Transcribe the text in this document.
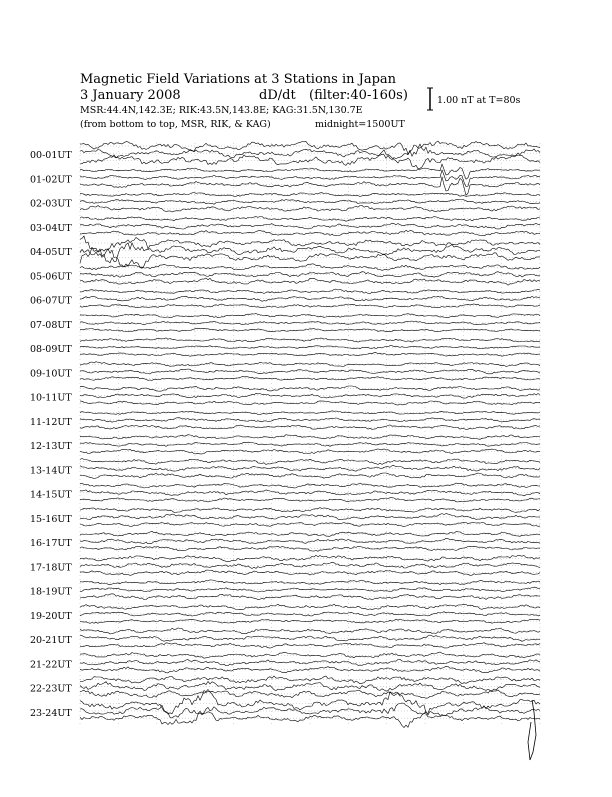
Magnetic Field Variations at 3 Stations in Japan
3 January 2008	dD/dt (filter:40-160s)
MSR:44.4N,142.3E; RIK:43.5N,143.8E; KAG:31.5N,130.7E
(from bottom to top, MSR, RIK, & KAG)	midnight=1500UT
1.00 nT at T=80s
00-01UT
01-02UT
02-03UT
03-04UT
04-05UT
05-06UT
06-07UT
07-08UT
08-09UT
09-10UT
10-11UT
11-12UT
12-13UT
13-14UT
14-15UT
15-16UT
16-17UT
17-18UT
18-19UT
19-20UT
20-21UT
21-22UT
22-23UT
23-24UT
